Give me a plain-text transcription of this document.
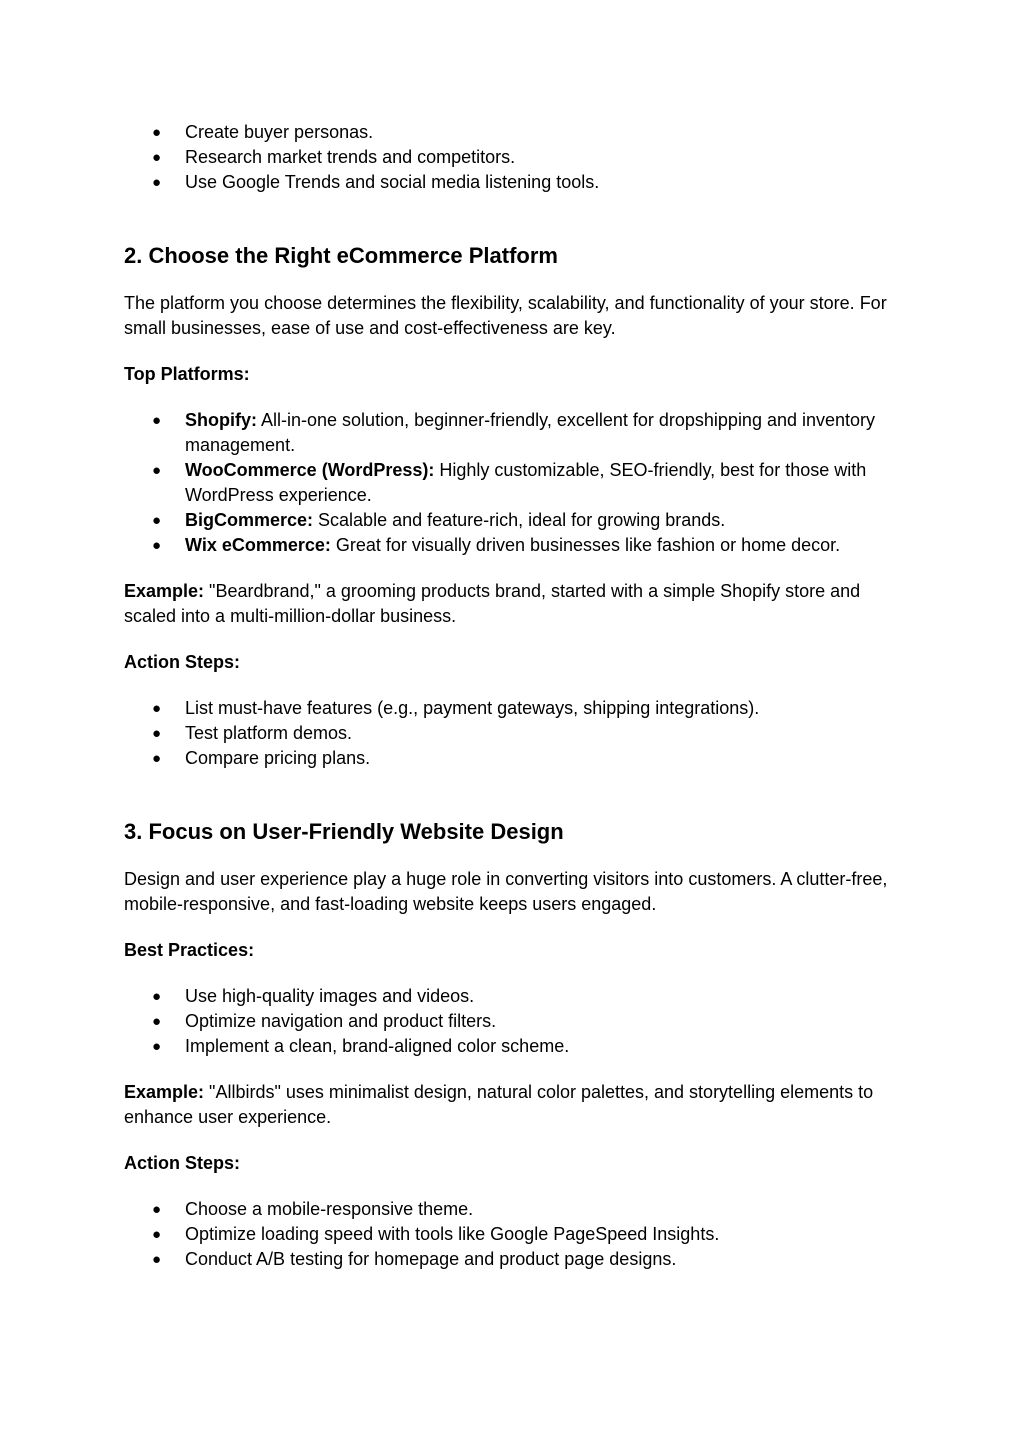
● Create buyer personas.
● Research market trends and competitors.
● Use Google Trends and social media listening tools.
2. Choose the Right eCommerce Platform

The platform you choose determines the flexibility, scalability, and functionality of your store. For small businesses, ease of use and cost-effectiveness are key.

Top Platforms:

● Shopify: All-in-one solution, beginner-friendly, excellent for dropshipping and inventory management.
● WooCommerce (WordPress): Highly customizable, SEO-friendly, best for those with WordPress experience.
● BigCommerce: Scalable and feature-rich, ideal for growing brands.
● Wix eCommerce: Great for visually driven businesses like fashion or home decor.

Example: "Beardbrand," a grooming products brand, started with a simple Shopify store and scaled into a multi-million-dollar business.

Action Steps:

● List must-have features (e.g., payment gateways, shipping integrations).
● Test platform demos.
● Compare pricing plans.
3. Focus on User-Friendly Website Design

Design and user experience play a huge role in converting visitors into customers. A clutter-free, mobile-responsive, and fast-loading website keeps users engaged.

Best Practices:

● Use high-quality images and videos.
● Optimize navigation and product filters.
● Implement a clean, brand-aligned color scheme.

Example: "Allbirds" uses minimalist design, natural color palettes, and storytelling elements to enhance user experience.

Action Steps:

● Choose a mobile-responsive theme.
● Optimize loading speed with tools like Google PageSpeed Insights.
● Conduct A/B testing for homepage and product page designs.
